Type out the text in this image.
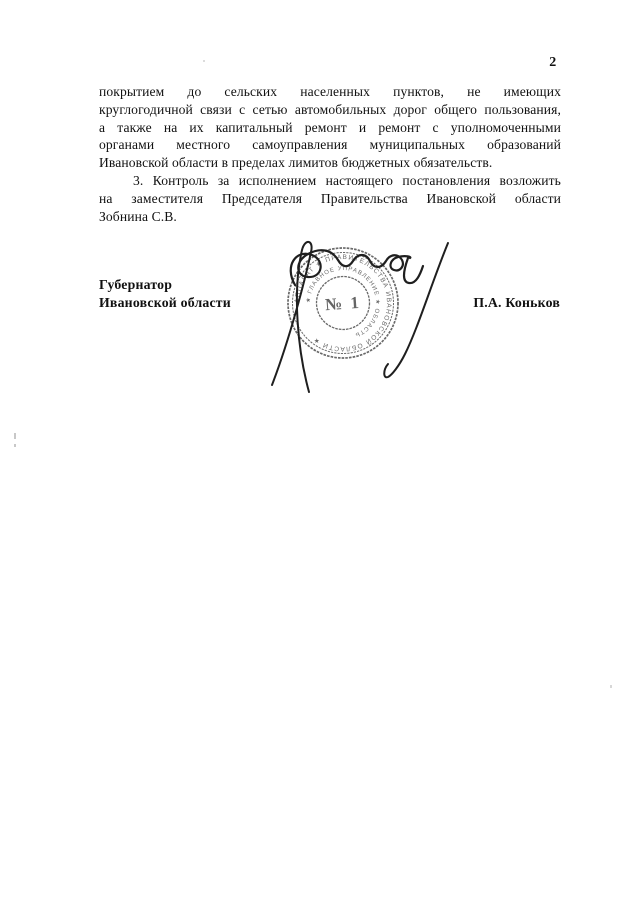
2
покрытием до сельских населенных пунктов, не имеющих
круглогодичной связи с сетью автомобильных дорог общего пользования,
а также на их капитальный ремонт и ремонт с уполномоченными
органами местного самоуправления муниципальных образований
Ивановской области в пределах лимитов бюджетных обязательств.
3. Контроль за исполнением настоящего постановления возложить
на заместителя Председателя Правительства Ивановской области
Зобнина С.В.
Губернатор
Ивановской области	П.А. Коньков
АППАРАТ ★ ПРАВИТЕЛЬСТВА ИВАНОВСКОЙ ОБЛАСТИ ★
★ ГЛАВНОЕ УПРАВЛЕНИЕ ★ ОБЛАСТЬ
№ 1
